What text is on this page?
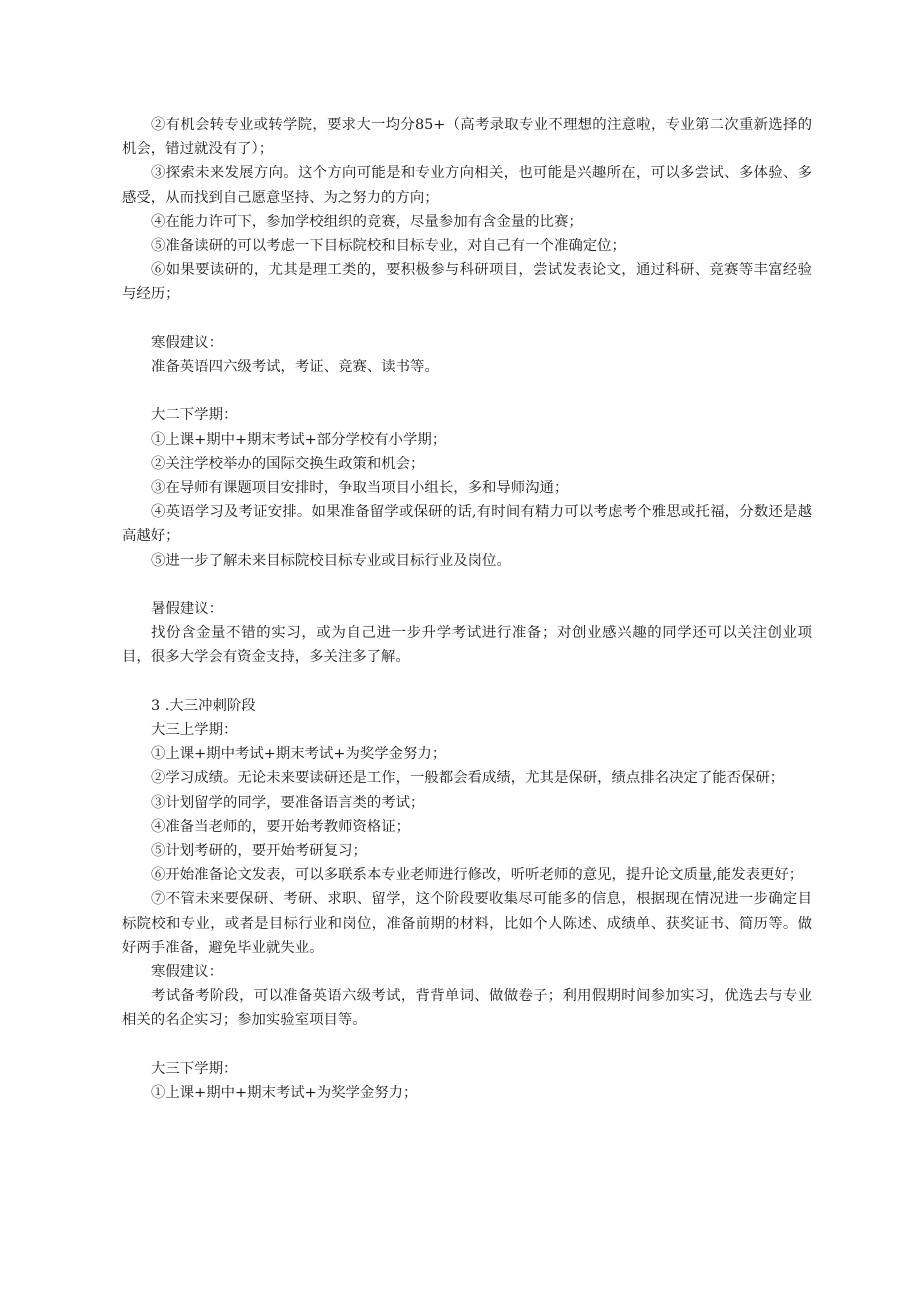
②有机会转专业或转学院，要求大一均分85+（高考录取专业不理想的注意啦，专业第二次重新选择的机会，错过就没有了）；

③探索未来发展方向。这个方向可能是和专业方向相关，也可能是兴趣所在，可以多尝试、多体验、多感受，从而找到自己愿意坚持、为之努力的方向；

④在能力许可下，参加学校组织的竞赛，尽量参加有含金量的比赛；

⑤准备读研的可以考虑一下目标院校和目标专业，对自己有一个准确定位；

⑥如果要读研的，尤其是理工类的，要积极参与科研项目，尝试发表论文，通过科研、竞赛等丰富经验与经历；

寒假建议：

准备英语四六级考试，考证、竞赛、读书等。

大二下学期：

①上课+期中+期末考试+部分学校有小学期；

②关注学校举办的国际交换生政策和机会；

③在导师有课题项目安排时，争取当项目小组长，多和导师沟通；

④英语学习及考证安排。如果准备留学或保研的话,有时间有精力可以考虑考个雅思或托福，分数还是越高越好；

⑤进一步了解未来目标院校目标专业或目标行业及岗位。

暑假建议：

找份含金量不错的实习，或为自己进一步升学考试进行准备；对创业感兴趣的同学还可以关注创业项目，很多大学会有资金支持，多关注多了解。

3 .大三冲刺阶段

大三上学期：

①上课+期中考试+期末考试+为奖学金努力；

②学习成绩。无论未来要读研还是工作，一般都会看成绩，尤其是保研，绩点排名决定了能否保研；

③计划留学的同学，要准备语言类的考试；

④准备当老师的，要开始考教师资格证；

⑤计划考研的，要开始考研复习；

⑥开始准备论文发表，可以多联系本专业老师进行修改，听听老师的意见，提升论文质量,能发表更好；

⑦不管未来要保研、考研、求职、留学，这个阶段要收集尽可能多的信息，根据现在情况进一步确定目标院校和专业，或者是目标行业和岗位，准备前期的材料，比如个人陈述、成绩单、获奖证书、简历等。做好两手准备，避免毕业就失业。

寒假建议：

考试备考阶段，可以准备英语六级考试，背背单词、做做卷子；利用假期时间参加实习，优选去与专业相关的名企实习；参加实验室项目等。

大三下学期：

①上课+期中+期末考试+为奖学金努力；
